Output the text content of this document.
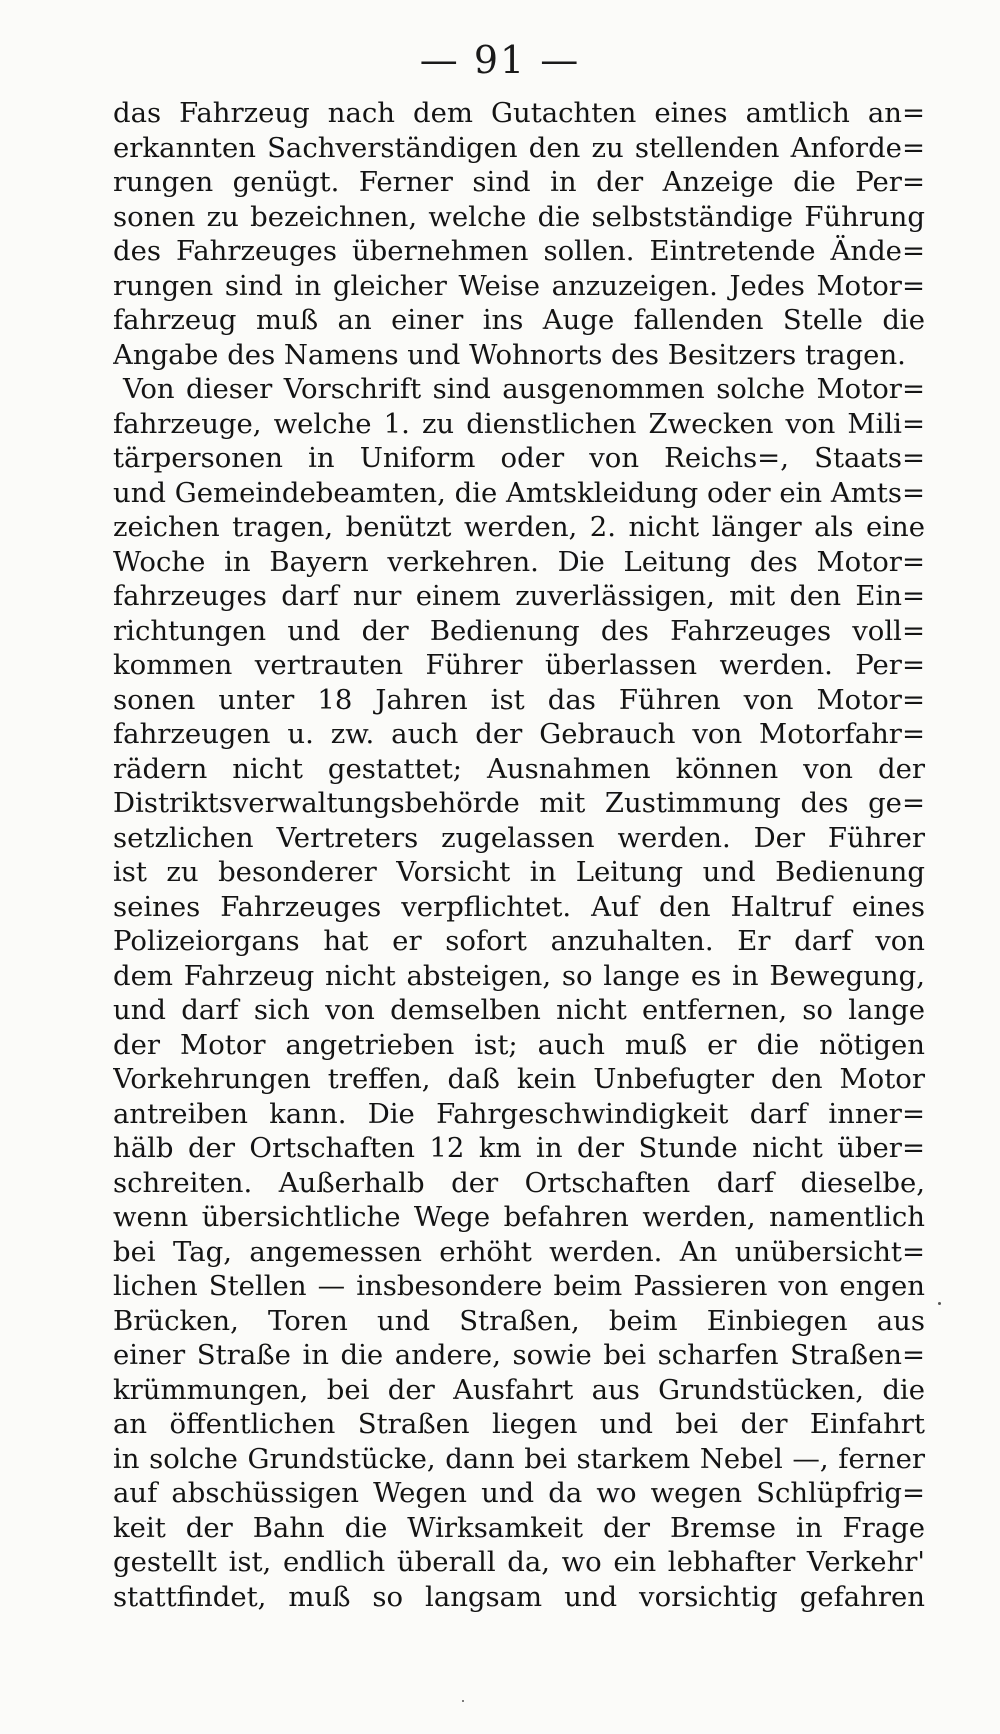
— 91 —
das Fahrzeug nach dem Gutachten eines amtlich an=
erkannten Sachverständigen den zu stellenden Anforde=
rungen genügt. Ferner sind in der Anzeige die Per=
sonen zu bezeichnen, welche die selbstständige Führung
des Fahrzeuges übernehmen sollen. Eintretende Ände=
rungen sind in gleicher Weise anzuzeigen. Jedes Motor=
fahrzeug muß an einer ins Auge fallenden Stelle die
Angabe des Namens und Wohnorts des Besitzers tragen.
Von dieser Vorschrift sind ausgenommen solche Motor=
fahrzeuge, welche 1. zu dienstlichen Zwecken von Mili=
tärpersonen in Uniform oder von Reichs=, Staats=
und Gemeindebeamten, die Amtskleidung oder ein Amts=
zeichen tragen, benützt werden, 2. nicht länger als eine
Woche in Bayern verkehren. Die Leitung des Motor=
fahrzeuges darf nur einem zuverlässigen, mit den Ein=
richtungen und der Bedienung des Fahrzeuges voll=
kommen vertrauten Führer überlassen werden. Per=
sonen unter 18 Jahren ist das Führen von Motor=
fahrzeugen u. zw. auch der Gebrauch von Motorfahr=
rädern nicht gestattet; Ausnahmen können von der
Distriktsverwaltungsbehörde mit Zustimmung des ge=
setzlichen Vertreters zugelassen werden. Der Führer
ist zu besonderer Vorsicht in Leitung und Bedienung
seines Fahrzeuges verpflichtet. Auf den Haltruf eines
Polizeiorgans hat er sofort anzuhalten. Er darf von
dem Fahrzeug nicht absteigen, so lange es in Bewegung,
und darf sich von demselben nicht entfernen, so lange
der Motor angetrieben ist; auch muß er die nötigen
Vorkehrungen treffen, daß kein Unbefugter den Motor
antreiben kann. Die Fahrgeschwindigkeit darf inner=
hälb der Ortschaften 12 km in der Stunde nicht über=
schreiten. Außerhalb der Ortschaften darf dieselbe,
wenn übersichtliche Wege befahren werden, namentlich
bei Tag, angemessen erhöht werden. An unübersicht=
lichen Stellen — insbesondere beim Passieren von engen
Brücken, Toren und Straßen, beim Einbiegen aus
einer Straße in die andere, sowie bei scharfen Straßen=
krümmungen, bei der Ausfahrt aus Grundstücken, die
an öffentlichen Straßen liegen und bei der Einfahrt
in solche Grundstücke, dann bei starkem Nebel —, ferner
auf abschüssigen Wegen und da wo wegen Schlüpfrig=
keit der Bahn die Wirksamkeit der Bremse in Frage
gestellt ist, endlich überall da, wo ein lebhafter Verkehr'
stattfindet, muß so langsam und vorsichtig gefahren
